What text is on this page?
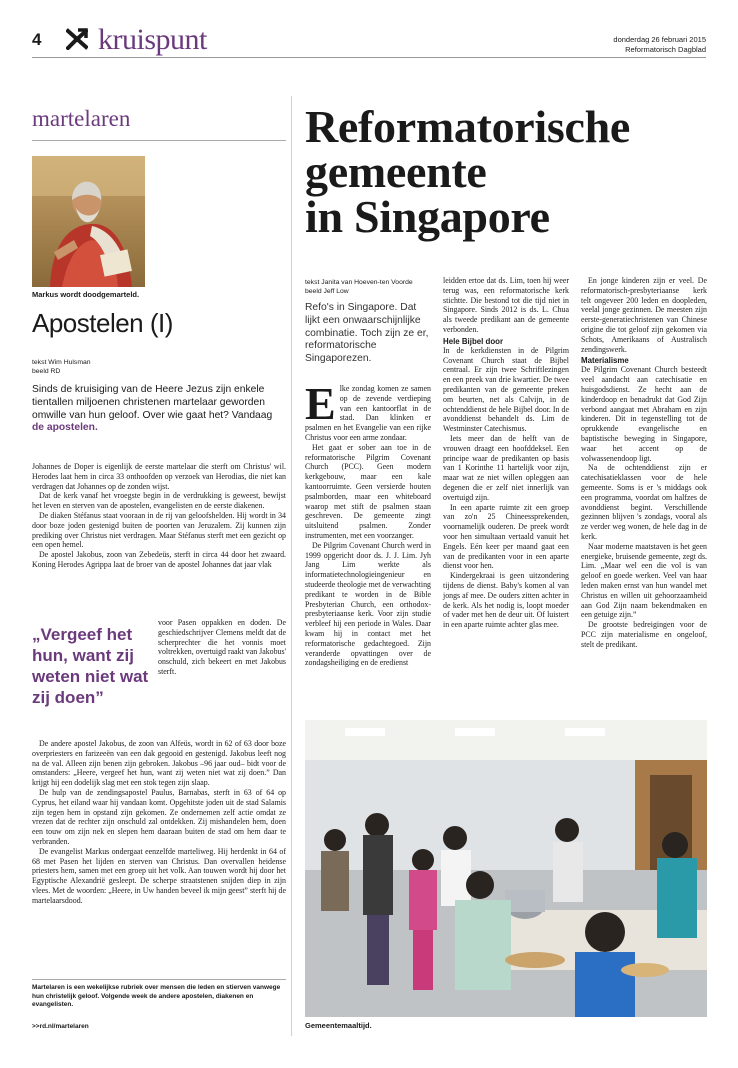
4 kruispunt	donderdag 26 februari 2015
Reformatorisch Dagblad
martelaren
Markus wordt doodgemarteld.
Apostelen (I)
tekst Wim Hulsman
beeld RD
Sinds de kruisiging van de Heere Jezus zijn enkele tientallen miljoenen christenen martelaar geworden omwille van hun geloof. Over wie gaat het? Vandaag de apostelen.

Johannes de Doper is eigenlijk de eerste martelaar die sterft om Christus' wil. Herodes laat hem in circa 33 onthoofden op verzoek van Herodias, die niet kan verdragen dat Johannes op de zonden wijst.

Dat de kerk vanaf het vroegste begin in de verdrukking is geweest, bewijst het leven en sterven van de apostelen, evangelisten en de eerste diakenen.

De diaken Stéfanus staat vooraan in de rij van geloofshelden. Hij wordt in 34 door boze joden gestenigd buiten de poorten van Jeruzalem. Zij kunnen zijn prediking over Christus niet verdragen. Maar Stéfanus sterft met een gezicht op een open hemel.

De apostel Jakobus, zoon van Zebedeüs, sterft in circa 44 door het zwaard. Koning Herodes Agrippa laat de broer van de apostel Johannes dat jaar vlak

„Vergeef het hun, want zij weten niet wat zij doen”

voor Pasen oppakken en doden. De geschiedschrijver Clemens meldt dat de scherprechter die het vonnis moet voltrekken, overtuigd raakt van Jakobus' onschuld, zich bekeert en met Jakobus sterft.

De andere apostel Jakobus, de zoon van Alfeüs, wordt in 62 of 63 door boze overpriesters en farizeeën van een dak gegooid en gestenigd. Jakobus leeft nog na de val. Alleen zijn benen zijn gebroken. Jakobus –96 jaar oud– bidt voor de omstanders: „Heere, vergeef het hun, want zij weten niet wat zij doen.” Dan krijgt hij een dodelijk slag met een stok tegen zijn slaap.

De hulp van de zendingsapostel Paulus, Barnabas, sterft in 63 of 64 op Cyprus, het eiland waar hij vandaan komt. Opgehitste joden uit de stad Salamis zijn tegen hem in opstand zijn gekomen. Ze ondernemen zelf actie omdat ze vrezen dat de rechter zijn onschuld zal ontdekken. Zij mishandelen hem, doen een touw om zijn nek en slepen hem daaraan buiten de stad om hem daar te verbranden.

De evangelist Markus ondergaat eenzelfde marteliweg. Hij herdenkt in 64 of 68 met Pasen het lijden en sterven van Christus. Dan overvallen heidense priesters hem, samen met een groep uit het volk. Aan touwen wordt hij door het Egyptische Alexandrië gesleept. De scherpe straatstenen snijden diep in zijn vlees. Met de woorden: „Heere, in Uw handen beveel ik mijn geest” sterft hij de martelaarsdood.

Martelaren is een wekelijkse rubriek over mensen die leden en stierven vanwege hun christelijk geloof. Volgende week de andere apostelen, diakenen en evangelisten.
>>rd.nl/martelaren
Reformatorische
gemeente
in Singapore
tekst Janita van Hoeven-ten Voorde
beeld Jeff Low
Refo's in Singapore. Dat lijkt een onwaarschijnlijke combinatie. Toch zijn ze er, reformatorische Singaporezen.

Elke zondag komen ze samen op de zevende verdieping van een kantoorflat in de stad. Dan klinken er psalmen en het Evangelie van een rijke Christus voor een arme zondaar.

Het gaat er sober aan toe in de reformatorische Pilgrim Covenant Church (PCC). Geen modern kerkgebouw, maar een kale kantoorruimte. Geen versierde houten psalmborden, maar een whiteboard waarop met stift de psalmen staan geschreven. De gemeente zingt uitsluitend psalmen. Zonder instrumenten, met een voorzanger.

De Pilgrim Covenant Church werd in 1999 opgericht door ds. J. J. Lim. Jyh Jang Lim werkte als informatietechnologieingenieur en studeerde theologie met de verwachting predikant te worden in de Bible Presbyterian Church, een orthodox-presbyteriaanse kerk. Voor zijn studie verbleef hij een periode in Wales. Daar kwam hij in contact met het reformatorische gedachtegoed. Zijn veranderde opvattingen over de zondagsheiliging en de eredienst

leidden ertoe dat ds. Lim, toen hij weer terug was, een reformatorische kerk stichtte. Die bestond tot die tijd niet in Singapore. Sinds 2012 is ds. L. Chua als tweede predikant aan de gemeente verbonden.

Hele Bijbel door

In de kerkdiensten in de Pilgrim Covenant Church staat de Bijbel centraal. Er zijn twee Schriftlezingen en een preek van drie kwartier. De twee predikanten van de gemeente preken om beurten, net als Calvijn, in de ochtenddienst de hele Bijbel door. In de avonddienst behandelt ds. Lim de Westminster Catechismus.

Iets meer dan de helft van de vrouwen draagt een hoofddeksel. Een principe waar de predikanten op basis van 1 Korinthe 11 hartelijk voor zijn, maar wat ze niet willen opleggen aan degenen die er zelf niet innerlijk van overtuigd zijn.

In een aparte ruimte zit een groep van zo'n 25 Chineessprekenden, voornamelijk ouderen. De preek wordt voor hen simultaan vertaald vanuit het Engels. Eén keer per maand gaat een van de predikanten voor in een aparte dienst voor hen.

Kindergekraai is geen uitzondering tijdens de dienst. Baby's komen al van jongs af mee. De ouders zitten achter in de kerk. Als het nodig is, loopt moeder of vader met hen de deur uit. Of luistert in een aparte ruimte achter glas mee.

En jonge kinderen zijn er veel. De reformatorisch-presbyteriaanse kerk telt ongeveer 200 leden en doopleden, veelal jonge gezinnen. De meesten zijn eerste-generatiechristenen van Chinese origine die tot geloof zijn gekomen via Schots, Amerikaans of Australisch zendingswerk.

Materialisme

De Pilgrim Covenant Church besteedt veel aandacht aan catechisatie en huisgodsdienst. Ze hecht aan de kinderdoop en benadrukt dat God Zijn verbond aangaat met Abraham en zijn kinderen. Dit in tegenstelling tot de oprukkende evangelische en baptistische beweging in Singapore, waar het accent op de volwassenendoop ligt.

Na de ochtenddienst zijn er catechisatieklassen voor de hele gemeente. Soms is er 's middags ook een programma, voordat om halfzes de avonddienst begint. Verschillende gezinnen blijven 's zondags, vooral als ze verder weg wonen, de hele dag in de kerk.

Naar moderne maatstaven is het geen energieke, bruisende gemeente, zegt ds. Lim. „Maar wel een die vol is van geloof en goede werken. Veel van haar leden maken ernst van hun wandel met Christus en willen uit gehoorzaamheid aan God Zijn naam bekendmaken en een getuige zijn.”

De grootste bedreigingen voor de PCC zijn materialisme en ongeloof, stelt de predikant.

Gemeentemaaltijd.
